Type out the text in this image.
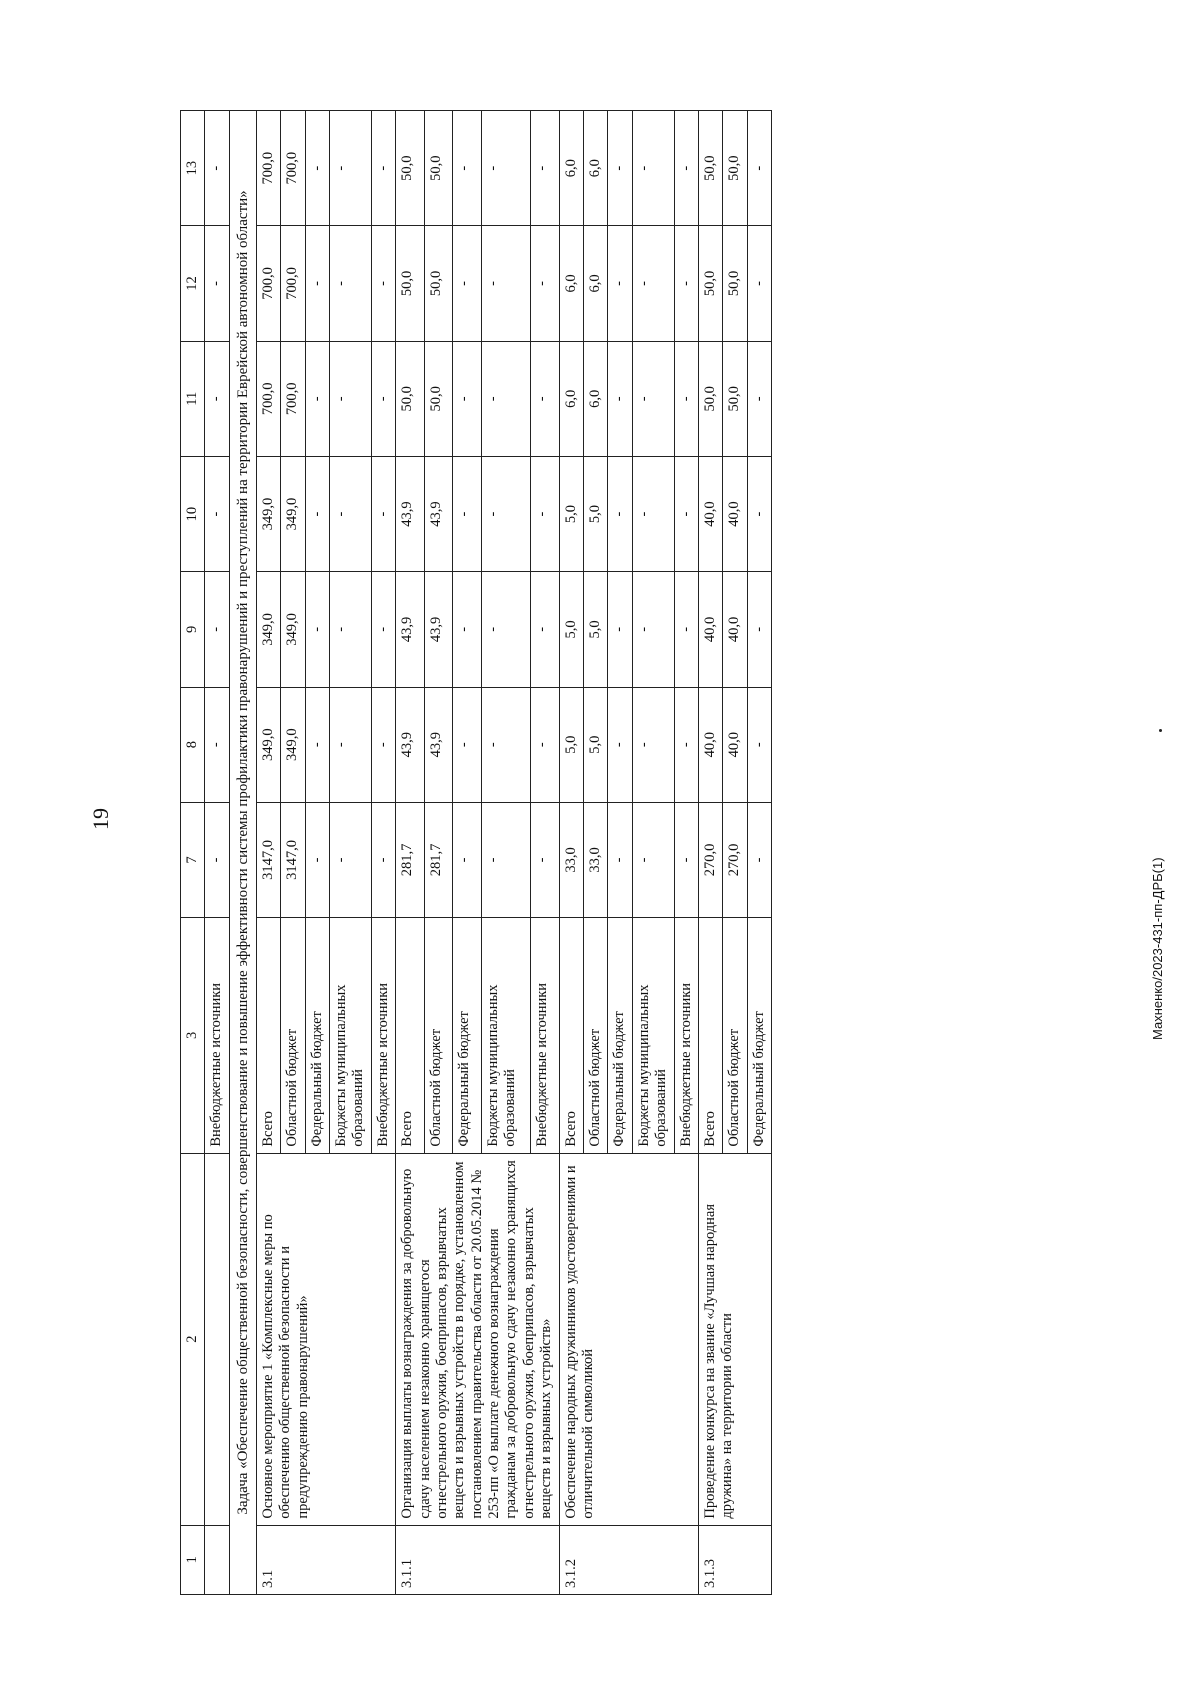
19
Махненко/2023-431-пп-ДРБ(1)
1	2	3	7	8	9	10	11	12	13
		Внебюджетные источники	-	-	-	-	-	-	-
Задача «Обеспечение общественной безопасности, совершенствование и повышение эффективности системы профилактики правонарушений и преступлений на территории Еврейской автономной области»									
3.1	Основное мероприятие 1 «Комплексные меры по обеспечению общественной безопасности и предупреждению правонарушений»	Всего	3147,0	349,0	349,0	349,0	700,0	700,0	700,0
		Областной бюджет	3147,0	349,0	349,0	349,0	700,0	700,0	700,0
		Федеральный бюджет	-	-	-	-	-	-	-
		Бюджеты муниципальных образований	-	-	-	-	-	-	-
		Внебюджетные источники	-	-	-	-	-	-	-
3.1.1	Организация выплаты вознаграждения за добровольную сдачу населением незаконно хранящегося огнестрельного оружия, боеприпасов, взрывчатых веществ и взрывных устройств в порядке, установленном постановлением правительства области от 20.05.2014 № 253-пп «О выплате денежного вознаграждения гражданам за добровольную сдачу незаконно хранящихся огнестрельного оружия, боеприпасов, взрывчатых веществ и взрывных устройств»	Всего	281,7	43,9	43,9	43,9	50,0	50,0	50,0
		Областной бюджет	281,7	43,9	43,9	43,9	50,0	50,0	50,0
		Федеральный бюджет	-	-	-	-	-	-	-
		Бюджеты муниципальных образований	-	-	-	-	-	-	-
		Внебюджетные источники	-	-	-	-	-	-	-
3.1.2	Обеспечение народных дружинников удостоверениями и отличительной символикой	Всего	33,0	5,0	5,0	5,0	6,0	6,0	6,0
		Областной бюджет	33,0	5,0	5,0	5,0	6,0	6,0	6,0
		Федеральный бюджет	-	-	-	-	-	-	-
		Бюджеты муниципальных образований	-	-	-	-	-	-	-
		Внебюджетные источники	-	-	-	-	-	-	-
3.1.3	Проведение конкурса на звание «Лучшая народная дружина» на территории области	Всего	270,0	40,0	40,0	40,0	50,0	50,0	50,0
		Областной бюджет	270,0	40,0	40,0	40,0	50,0	50,0	50,0
		Федеральный бюджет	-	-	-	-	-	-	-
